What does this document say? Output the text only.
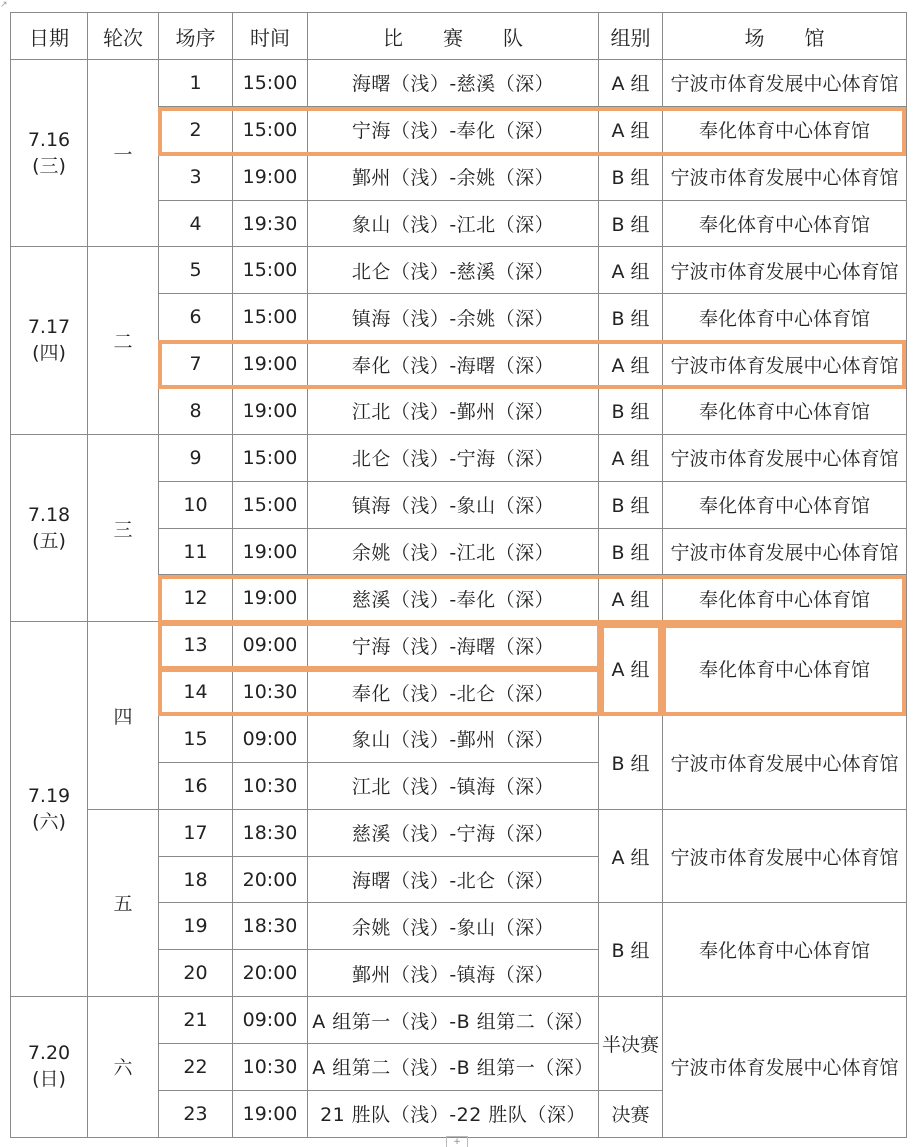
↗
日期	轮次	场序	时间	比　　赛　　队	组别	场　　馆
7.16
(三)	一	1	15:00	海曙（浅）-慈溪（深）	A 组	宁波市体育发展中心体育馆
		2	15:00	宁海（浅）-奉化（深）	A 组	奉化体育中心体育馆
		3	19:00	鄞州（浅）-余姚（深）	B 组	宁波市体育发展中心体育馆
		4	19:30	象山（浅）-江北（深）	B 组	奉化体育中心体育馆
7.17
(四)	二	5	15:00	北仑（浅）-慈溪（深）	A 组	宁波市体育发展中心体育馆
		6	15:00	镇海（浅）-余姚（深）	B 组	奉化体育中心体育馆
		7	19:00	奉化（浅）-海曙（深）	A 组	宁波市体育发展中心体育馆
		8	19:00	江北（浅）-鄞州（深）	B 组	奉化体育中心体育馆
7.18
(五)	三	9	15:00	北仑（浅）-宁海（深）	A 组	宁波市体育发展中心体育馆
		10	15:00	镇海（浅）-象山（深）	B 组	奉化体育中心体育馆
		11	19:00	余姚（浅）-江北（深）	B 组	宁波市体育发展中心体育馆
		12	19:00	慈溪（浅）-奉化（深）	A 组	奉化体育中心体育馆
7.19
(六)	四	13	09:00	宁海（浅）-海曙（深）	A 组	奉化体育中心体育馆
		14	10:30	奉化（浅）-北仑（深）		
		15	09:00	象山（浅）-鄞州（深）	B 组	宁波市体育发展中心体育馆
		16	10:30	江北（浅）-镇海（深）		
	五	17	18:30	慈溪（浅）-宁海（深）	A 组	宁波市体育发展中心体育馆
		18	20:00	海曙（浅）-北仑（深）		
		19	18:30	余姚（浅）-象山（深）	B 组	奉化体育中心体育馆
		20	20:00	鄞州（浅）-镇海（深）		
7.20
(日)	六	21	09:00	A 组第一（浅）-B 组第二（深）	半决赛	宁波市体育发展中心体育馆
		22	10:30	A 组第二（浅）-B 组第一（深）		
		23	19:00	21 胜队（浅）-22 胜队（深）	决赛	
+
